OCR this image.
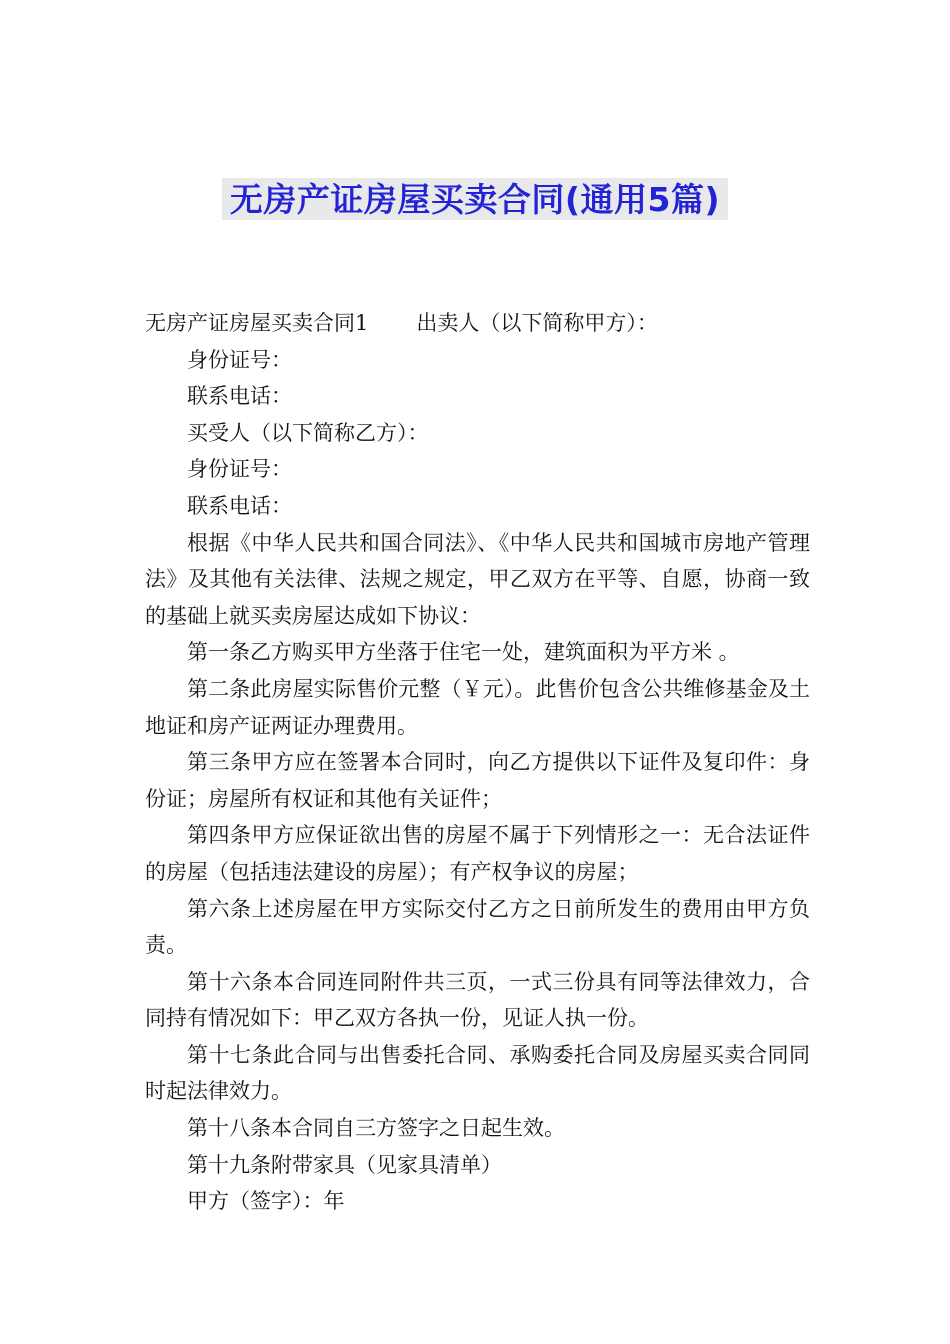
无房产证房屋买卖合同(通用5篇)

无房产证房屋买卖合同1 出卖人（以下简称甲方）：

身份证号：

联系电话：

买受人（以下简称乙方）：

身份证号：

联系电话：

根据《中华人民共和国合同法》、《中华人民共和国城市房地产管理法》及其他有关法律、法规之规定，甲乙双方在平等、自愿，协商一致的基础上就买卖房屋达成如下协议：

第一条乙方购买甲方坐落于住宅一处，建筑面积为平方米 。

第二条此房屋实际售价元整（￥元）。此售价包含公共维修基金及土地证和房产证两证办理费用。

第三条甲方应在签署本合同时，向乙方提供以下证件及复印件：身份证；房屋所有权证和其他有关证件；

第四条甲方应保证欲出售的房屋不属于下列情形之一：无合法证件的房屋（包括违法建设的房屋）；有产权争议的房屋；

第六条上述房屋在甲方实际交付乙方之日前所发生的费用由甲方负责。

第十六条本合同连同附件共三页，一式三份具有同等法律效力，合同持有情况如下：甲乙双方各执一份，见证人执一份。

第十七条此合同与出售委托合同、承购委托合同及房屋买卖合同同时起法律效力。

第十八条本合同自三方签字之日起生效。

第十九条附带家具（见家具清单）

甲方（签字）：年
